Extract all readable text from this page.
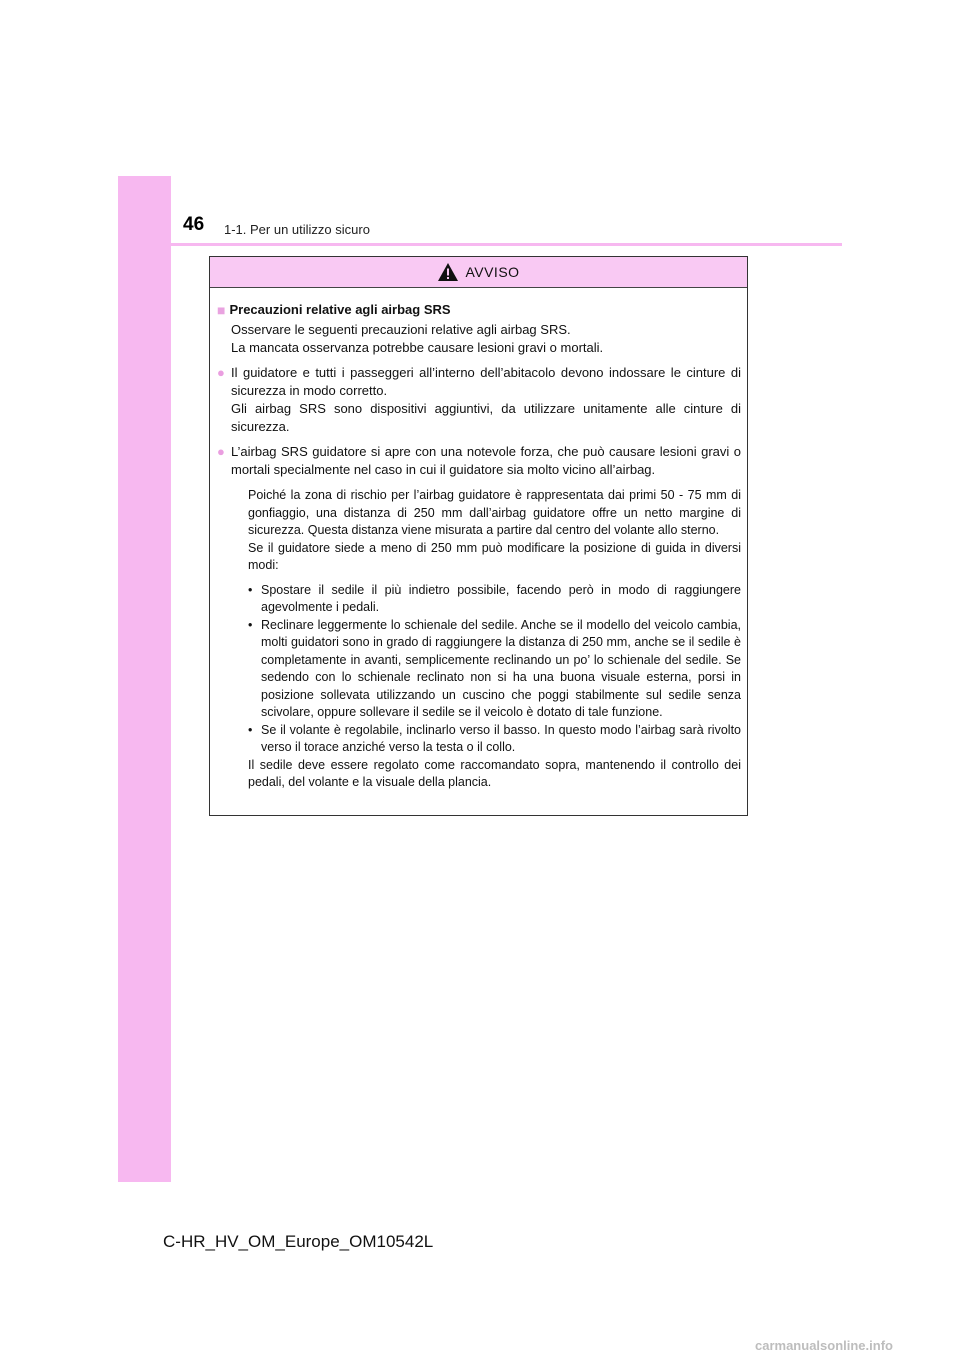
46 1-1. Per un utilizzo sicuro
AVVISO
■ Precauzioni relative agli airbag SRS

Osservare le seguenti precauzioni relative agli airbag SRS.

La mancata osservanza potrebbe causare lesioni gravi o mortali.

● Il guidatore e tutti i passeggeri all’interno dell’abitacolo devono indossare le cinture di sicurezza in modo corretto.

Gli airbag SRS sono dispositivi aggiuntivi, da utilizzare unitamente alle cinture di sicurezza.

● L’airbag SRS guidatore si apre con una notevole forza, che può causare lesioni gravi o mortali specialmente nel caso in cui il guidatore sia molto vicino all’airbag.

Poiché la zona di rischio per l’airbag guidatore è rappresentata dai primi 50 - 75 mm di gonfiaggio, una distanza di 250 mm dall’airbag guidatore offre un netto margine di sicurezza. Questa distanza viene misurata a partire dal centro del volante allo sterno.

Se il guidatore siede a meno di 250 mm può modificare la posizione di guida in diversi modi:

• Spostare il sedile il più indietro possibile, facendo però in modo di raggiungere agevolmente i pedali.
• Reclinare leggermente lo schienale del sedile. Anche se il modello del veicolo cambia, molti guidatori sono in grado di raggiungere la distanza di 250 mm, anche se il sedile è completamente in avanti, semplicemente reclinando un po’ lo schienale del sedile. Se sedendo con lo schienale reclinato non si ha una buona visuale esterna, porsi in posizione sollevata utilizzando un cuscino che poggi stabilmente sul sedile senza scivolare, oppure sollevare il sedile se il veicolo è dotato di tale funzione.
• Se il volante è regolabile, inclinarlo verso il basso. In questo modo l’airbag sarà rivolto verso il torace anziché verso la testa o il collo.
Il sedile deve essere regolato come raccomandato sopra, mantenendo il controllo dei pedali, del volante e la visuale della plancia.
C-HR_HV_OM_Europe_OM10542L
carmanualsonline.info
